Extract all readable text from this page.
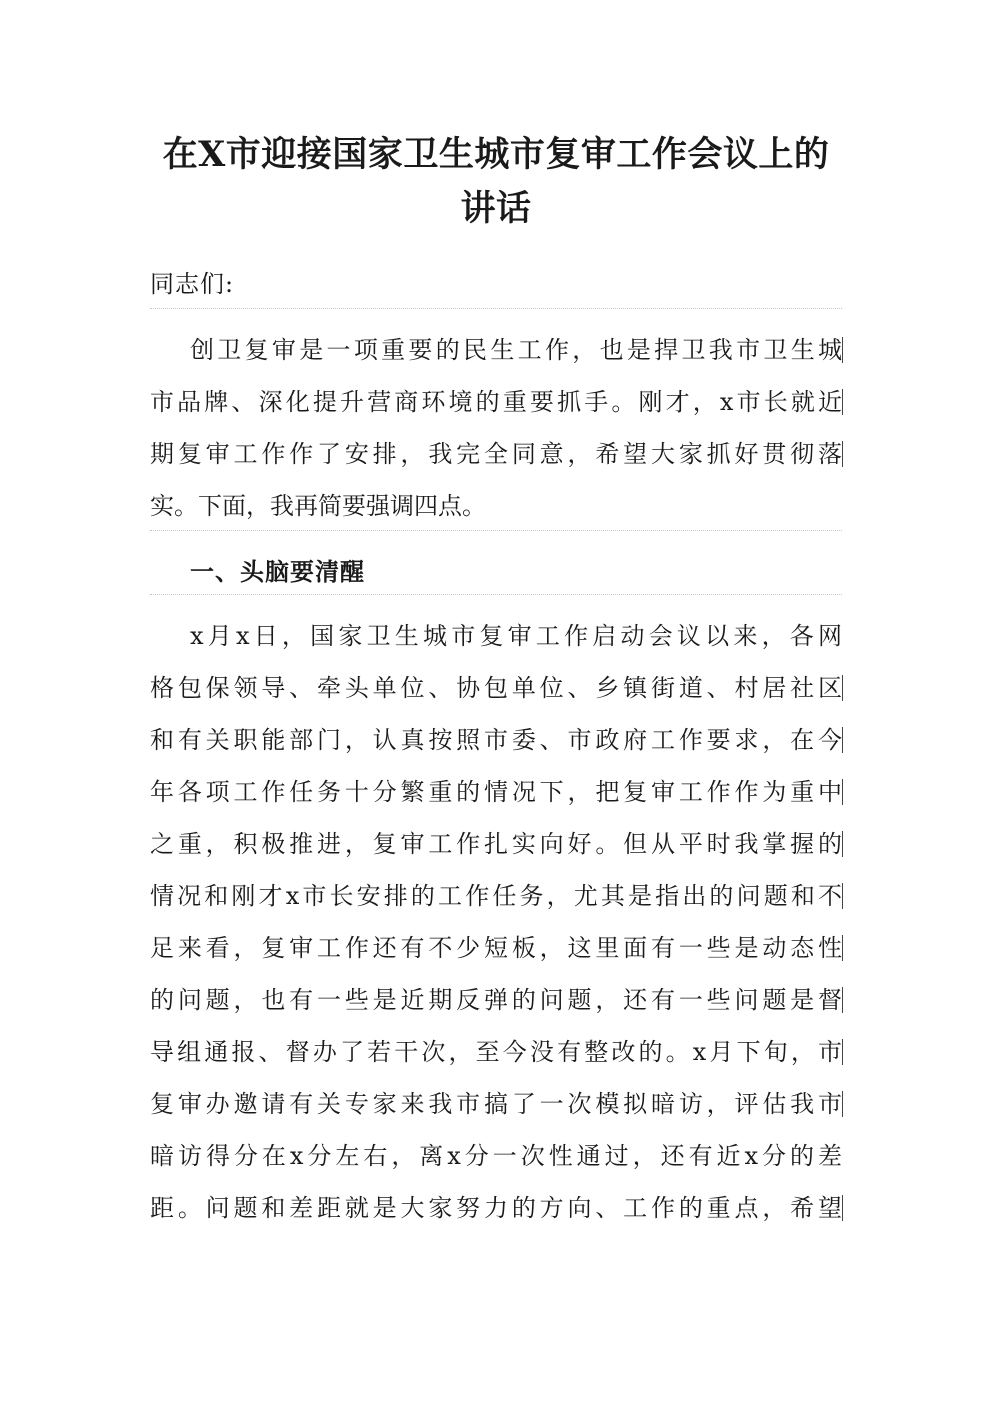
在X市迎接国家卫生城市复审工作会议上的讲话

同志们:

创卫复审是一项重要的民生工作，也是捍卫我市卫生城

市品牌、深化提升营商环境的重要抓手。刚才，x市长就近

期复审工作作了安排，我完全同意，希望大家抓好贯彻落

实。下面，我再简要强调四点。

一、头脑要清醒

x月x日，国家卫生城市复审工作启动会议以来，各网

格包保领导、牵头单位、协包单位、乡镇街道、村居社区

和有关职能部门，认真按照市委、市政府工作要求，在今

年各项工作任务十分繁重的情况下，把复审工作作为重中

之重，积极推进，复审工作扎实向好。但从平时我掌握的

情况和刚才x市长安排的工作任务，尤其是指出的问题和不

足来看，复审工作还有不少短板，这里面有一些是动态性

的问题，也有一些是近期反弹的问题，还有一些问题是督

导组通报、督办了若干次，至今没有整改的。x月下旬，市

复审办邀请有关专家来我市搞了一次模拟暗访，评估我市

暗访得分在x分左右，离x分一次性通过，还有近x分的差

距。问题和差距就是大家努力的方向、工作的重点，希望
